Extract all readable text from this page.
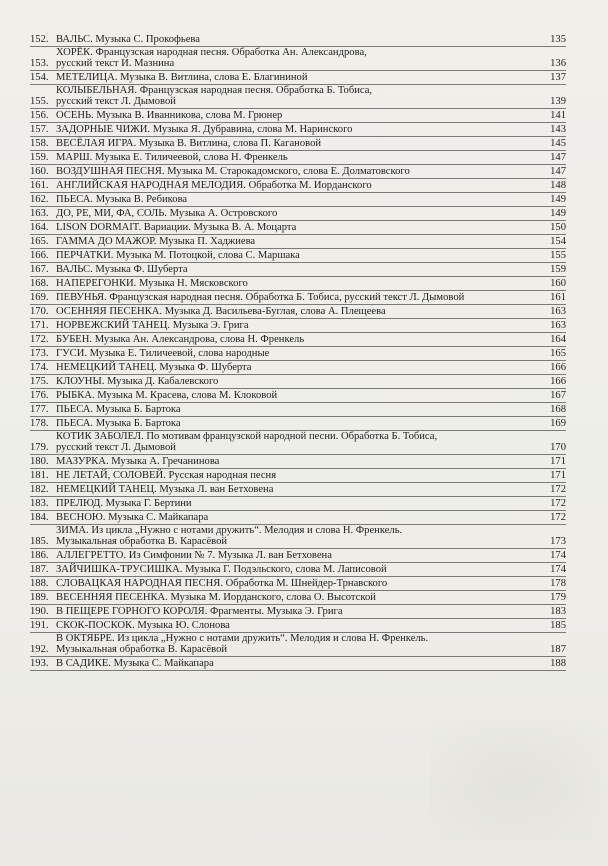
152. ВАЛЬС. Музыка С. Прокофьева	135
153.
ХОРЁК. Французская народная песня. Обработка Ан. Александрова,
русский текст И. Мазнина	136
154. МЕТЕЛИЦА. Музыка В. Витлина, слова Е. Благининой	137
155.
КОЛЫБЕЛЬНАЯ. Французская народная песня. Обработка Б. Тобиса,
русский текст Л. Дымовой	139
156. ОСЕНЬ. Музыка В. Иванникова, слова М. Грюнер	141
157. ЗАДОРНЫЕ ЧИЖИ. Музыка Я. Дубравина, слова М. Наринского	143
158. ВЕСЁЛАЯ ИГРА. Музыка В. Витлина, слова П. Кагановой	145
159. МАРШ. Музыка Е. Тиличеевой, слова Н. Френкель	147
160. ВОЗДУШНАЯ ПЕСНЯ. Музыка М. Старокадомского, слова Е. Долматовского	147
161. АНГЛИЙСКАЯ НАРОДНАЯ МЕЛОДИЯ. Обработка М. Иорданского	148
162. ПЬЕСА. Музыка В. Ребикова	149
163. ДО, РЕ, МИ, ФА, СОЛЬ. Музыка А. Островского	149
164. LISON DORMAIT. Вариации. Музыка В. А. Моцарта	150
165. ГАММА ДО МАЖОР. Музыка П. Хаджиева	154
166. ПЕРЧАТКИ. Музыка М. Потоцкой, слова С. Маршака	155
167. ВАЛЬС. Музыка Ф. Шуберта	159
168. НАПЕРЕГОНКИ. Музыка Н. Мясковского	160
169. ПЕВУНЬЯ. Французская народная песня. Обработка Б. Тобиса, русский текст Л. Дымовой	161
170. ОСЕННЯЯ ПЕСЕНКА. Музыка Д. Васильева-Буглая, слова А. Плещеева	163
171. НОРВЕЖСКИЙ ТАНЕЦ. Музыка Э. Грига	163
172. БУБЕН. Музыка Ан. Александрова, слова Н. Френкель	164
173. ГУСИ. Музыка Е. Тиличеевой, слова народные	165
174. НЕМЕЦКИЙ ТАНЕЦ. Музыка Ф. Шуберта	166
175. КЛОУНЫ. Музыка Д. Кабалевского	166
176. РЫБКА. Музыка М. Красева, слова М. Клоковой	167
177. ПЬЕСА. Музыка Б. Бартока	168
178. ПЬЕСА. Музыка Б. Бартока	169
179.
КОТИК ЗАБОЛЕЛ. По мотивам французской народной песни. Обработка Б. Тобиса,
русский текст Л. Дымовой	170
180. МАЗУРКА. Музыка А. Гречанинова	171
181. НЕ ЛЕТАЙ, СОЛОВЕЙ. Русская народная песня	171
182. НЕМЕЦКИЙ ТАНЕЦ. Музыка Л. ван Бетховена	172
183. ПРЕЛЮД. Музыка Г. Бертини	172
184. ВЕСНОЮ. Музыка С. Майкапара	172
185.
ЗИМА. Из цикла „Нужно с нотами дружить“. Мелодия и слова Н. Френкель.
Музыкальная обработка В. Карасёвой	173
186. АЛЛЕГРЕТТО. Из Симфонии № 7. Музыка Л. ван Бетховена	174
187. ЗАЙЧИШКА-ТРУСИШКА. Музыка Г. Подэльского, слова М. Лаписовой	174
188. СЛОВАЦКАЯ НАРОДНАЯ ПЕСНЯ. Обработка М. Шнейдер-Трнавского	178
189. ВЕСЕННЯЯ ПЕСЕНКА. Музыка М. Иорданского, слова О. Высотской	179
190. В ПЕЩЕРЕ ГОРНОГО КОРОЛЯ. Фрагменты. Музыка Э. Грига	183
191. СКОК-ПОСКОК. Музыка Ю. Слонова	185
192.
В ОКТЯБРЕ. Из цикла „Нужно с нотами дружить“. Мелодия и слова Н. Френкель.
Музыкальная обработка В. Карасёвой	187
193. В САДИКЕ. Музыка С. Майкапара	188
